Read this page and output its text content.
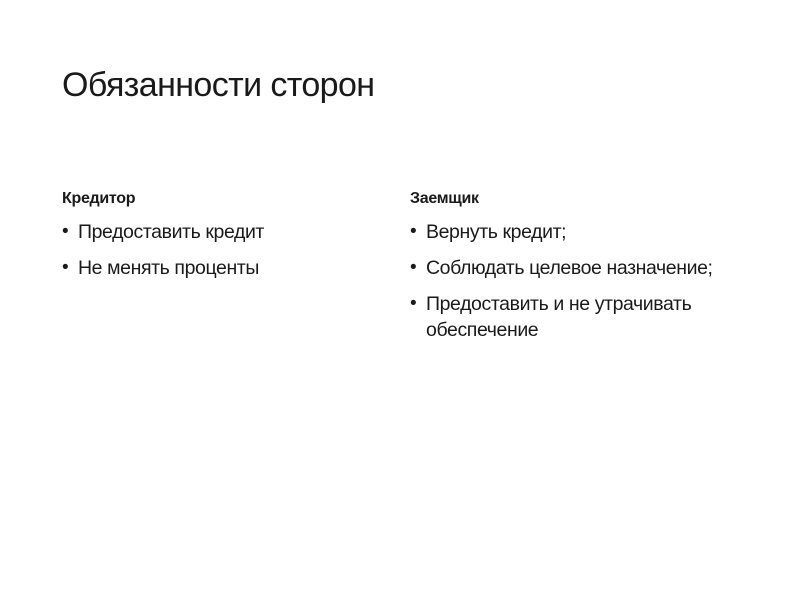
Обязанности сторон
Кредитор
• Предоставить кредит
• Не менять проценты
Заемщик
• Вернуть кредит;
• Соблюдать целевое назначение;
• Предоставить и не утрачивать обеспечение
